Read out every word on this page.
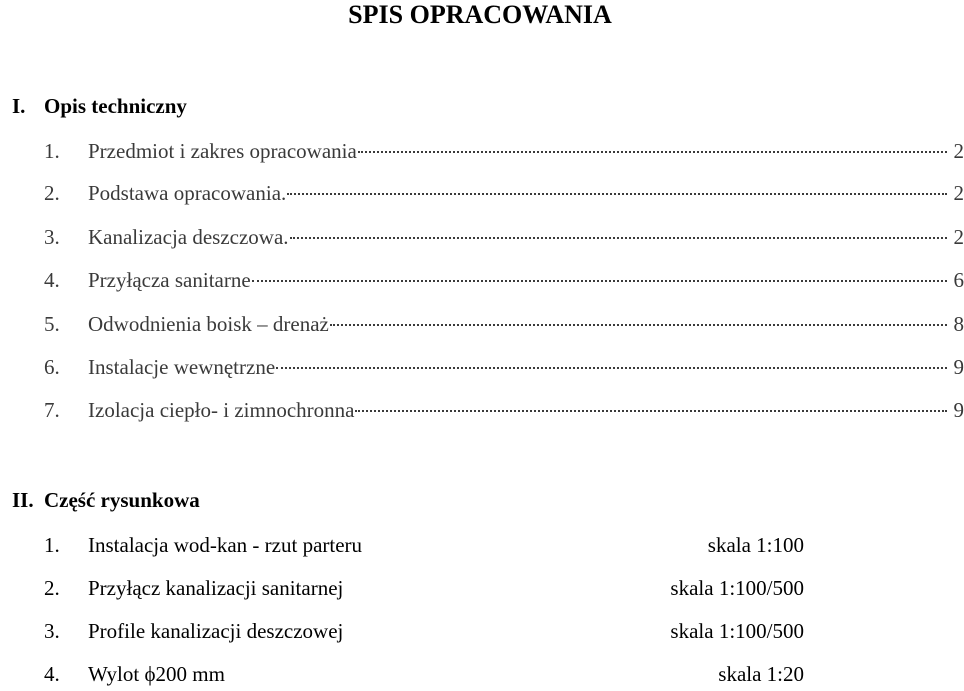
SPIS OPRACOWANIA
I. Opis techniczny
1.	Przedmiot i zakres opracowania	2
2.	Podstawa opracowania.	2
3.	Kanalizacja deszczowa.	2
4.	Przyłącza sanitarne	6
5.	Odwodnienia boisk – drenaż	8
6.	Instalacje wewnętrzne	9
7.	Izolacja ciepło- i zimnochronna	9
II. Część rysunkowa
1. Instalacja wod-kan - rzut parteru	skala 1:100
2. Przyłącz kanalizacji sanitarnej	skala 1:100/500
3. Profile kanalizacji deszczowej	skala 1:100/500
4. Wylot ϕ200 mm	skala 1:20
